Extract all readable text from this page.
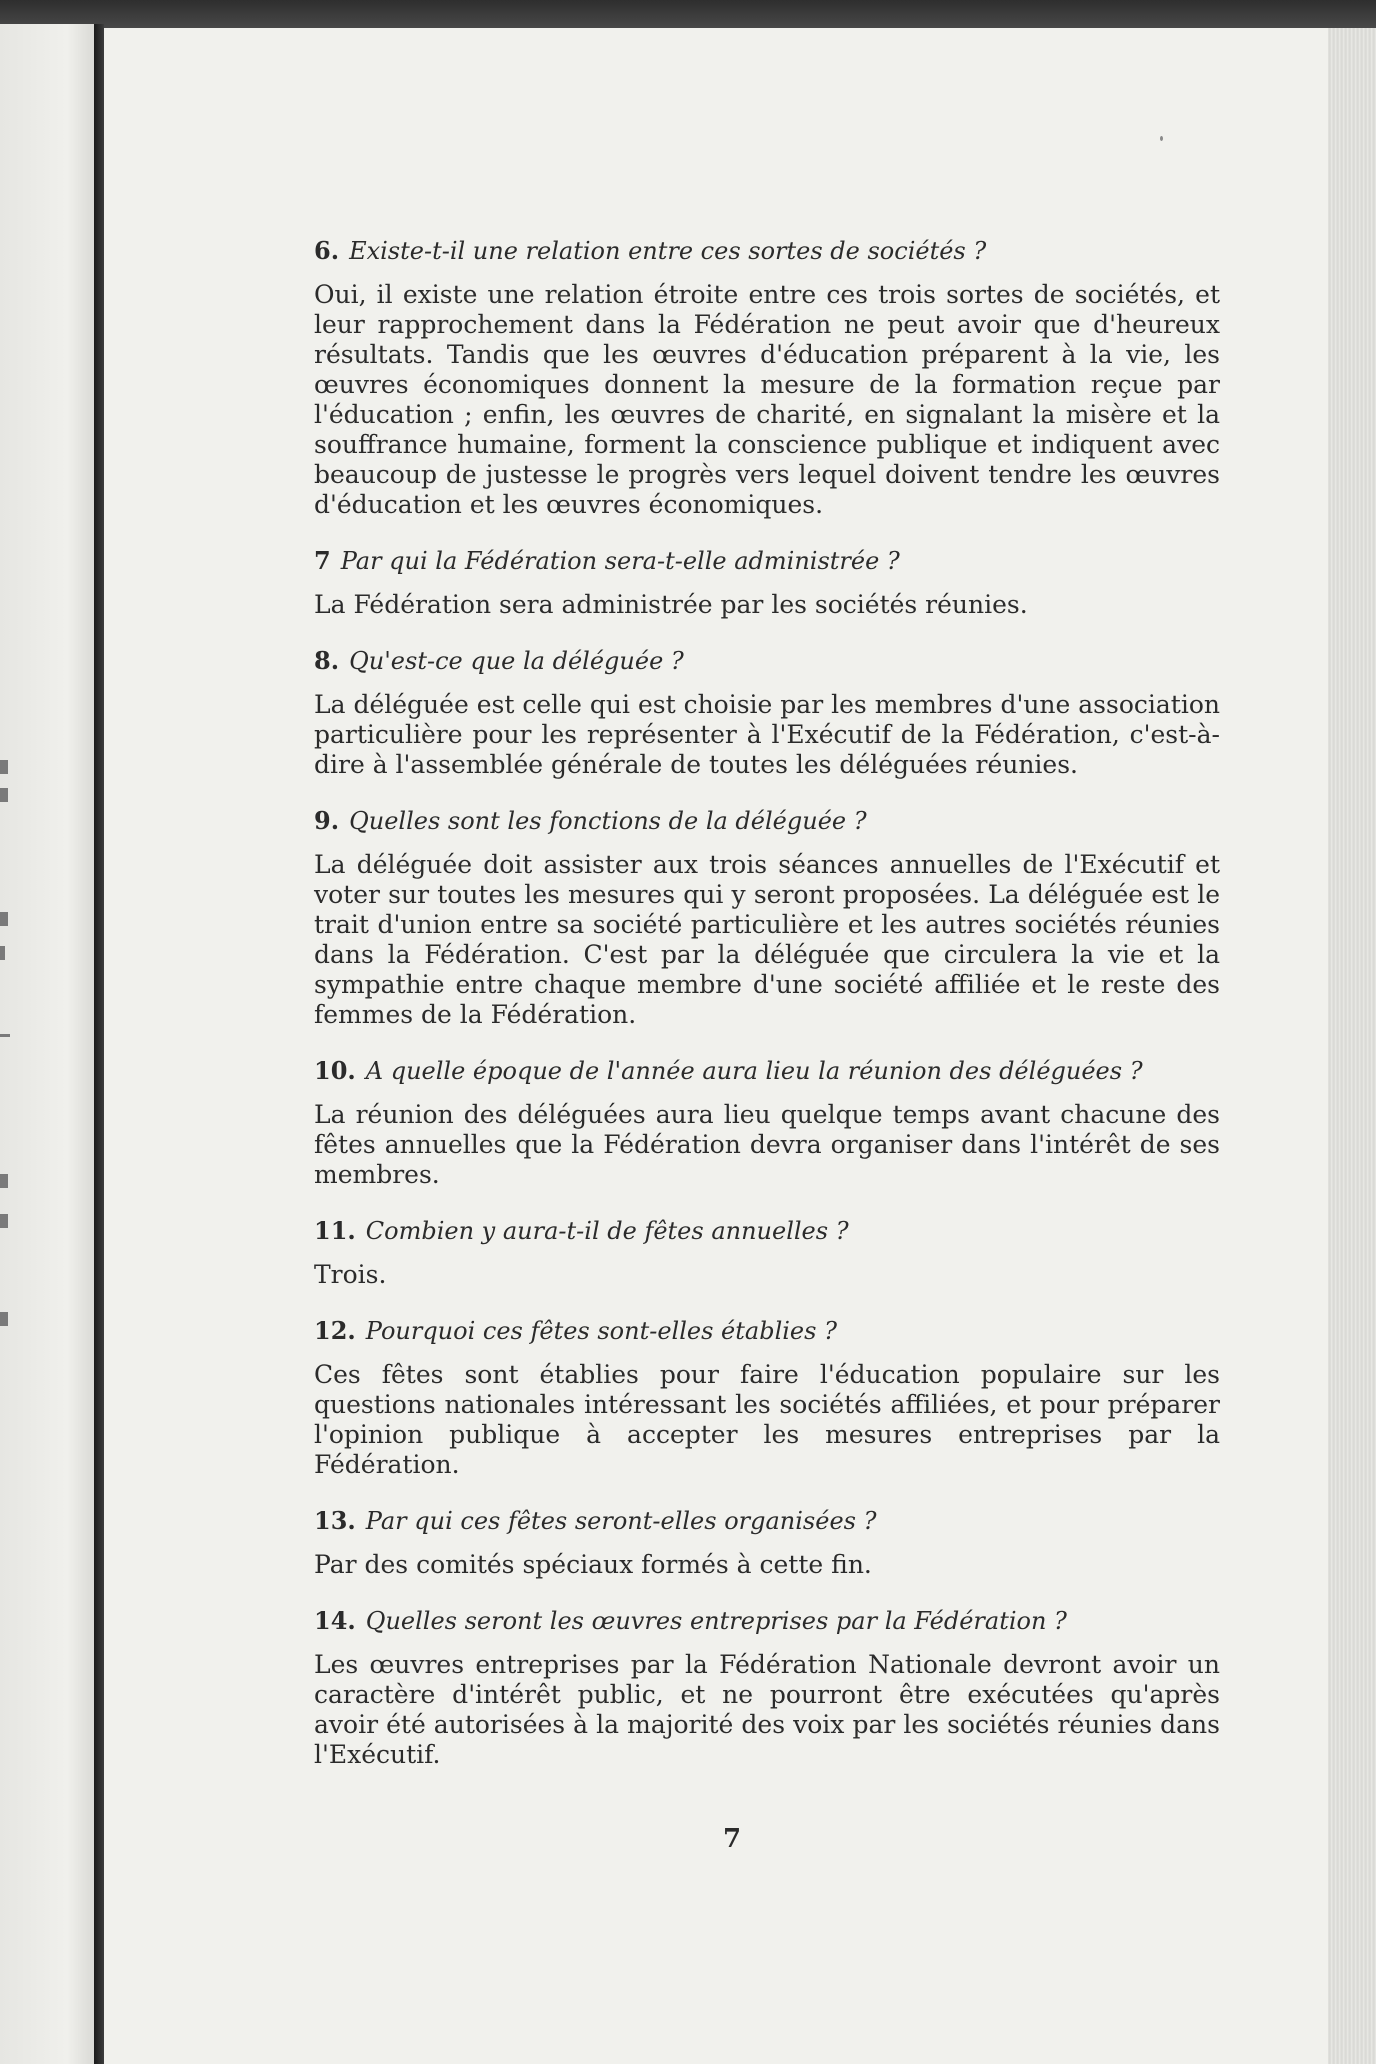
6. Existe-t-il une relation entre ces sortes de sociétés ?

Oui, il existe une relation étroite entre ces trois sortes de sociétés, et leur rapprochement dans la Fédération ne peut avoir que d'heureux résultats. Tandis que les œuvres d'éducation préparent à la vie, les œuvres économiques donnent la mesure de la formation reçue par l'éducation ; enfin, les œuvres de charité, en signalant la misère et la souffrance humaine, forment la conscience publique et indiquent avec beaucoup de justesse le progrès vers lequel doivent tendre les œuvres d'éducation et les œuvres économiques.

7 Par qui la Fédération sera-t-elle administrée ?

La Fédération sera administrée par les sociétés réunies.

8. Qu'est-ce que la déléguée ?

La déléguée est celle qui est choisie par les membres d'une association particulière pour les représenter à l'Exécutif de la Fédération, c'est-à-dire à l'assemblée générale de toutes les déléguées réunies.

9. Quelles sont les fonctions de la déléguée ?

La déléguée doit assister aux trois séances annuelles de l'Exécutif et voter sur toutes les mesures qui y seront proposées. La déléguée est le trait d'union entre sa société particulière et les autres sociétés réunies dans la Fédération. C'est par la déléguée que circulera la vie et la sympathie entre chaque membre d'une société affiliée et le reste des femmes de la Fédération.

10. A quelle époque de l'année aura lieu la réunion des déléguées ?

La réunion des déléguées aura lieu quelque temps avant chacune des fêtes annuelles que la Fédération devra organiser dans l'intérêt de ses membres.

11. Combien y aura-t-il de fêtes annuelles ?

Trois.

12. Pourquoi ces fêtes sont-elles établies ?

Ces fêtes sont établies pour faire l'éducation populaire sur les questions nationales intéressant les sociétés affiliées, et pour préparer l'opinion publique à accepter les mesures entreprises par la Fédération.

13. Par qui ces fêtes seront-elles organisées ?

Par des comités spéciaux formés à cette fin.

14. Quelles seront les œuvres entreprises par la Fédération ?

Les œuvres entreprises par la Fédération Nationale devront avoir un caractère d'intérêt public, et ne pourront être exécutées qu'après avoir été autorisées à la majorité des voix par les sociétés réunies dans l'Exécutif.

7
